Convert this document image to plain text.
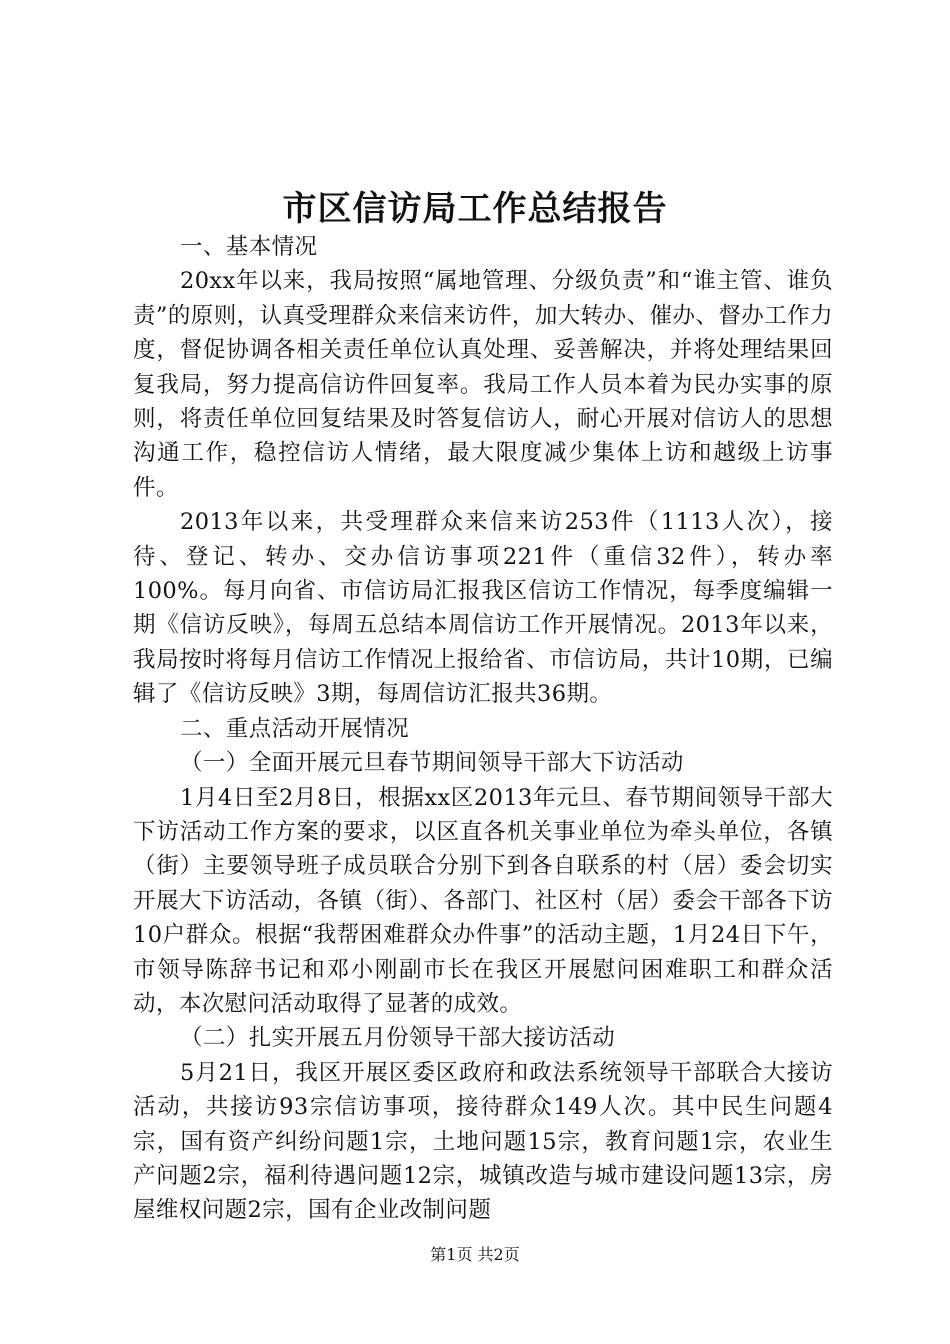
市区信访局工作总结报告

一、基本情况

20xx年以来，我局按照“属地管理、分级负责”和“谁主管、谁负责”的原则，认真受理群众来信来访件，加大转办、催办、督办工作力度，督促协调各相关责任单位认真处理、妥善解决，并将处理结果回复我局，努力提高信访件回复率。我局工作人员本着为民办实事的原则，将责任单位回复结果及时答复信访人，耐心开展对信访人的思想沟通工作，稳控信访人情绪，最大限度减少集体上访和越级上访事件。

2013年以来，共受理群众来信来访253件（1113人次），接待、登记、转办、交办信访事项221件（重信32件），转办率100%。每月向省、市信访局汇报我区信访工作情况，每季度编辑一期《信访反映》，每周五总结本周信访工作开展情况。2013年以来，我局按时将每月信访工作情况上报给省、市信访局，共计10期，已编辑了《信访反映》3期，每周信访汇报共36期。

二、重点活动开展情况

（一）全面开展元旦春节期间领导干部大下访活动

1月4日至2月8日，根据xx区2013年元旦、春节期间领导干部大下访活动工作方案的要求，以区直各机关事业单位为牵头单位，各镇（街）主要领导班子成员联合分别下到各自联系的村（居）委会切实开展大下访活动，各镇（街）、各部门、社区村（居）委会干部各下访10户群众。根据“我帮困难群众办件事”的活动主题，1月24日下午，市领导陈辞书记和邓小刚副市长在我区开展慰问困难职工和群众活动，本次慰问活动取得了显著的成效。

（二）扎实开展五月份领导干部大接访活动

5月21日，我区开展区委区政府和政法系统领导干部联合大接访活动，共接访93宗信访事项，接待群众149人次。其中民生问题4宗，国有资产纠纷问题1宗，土地问题15宗，教育问题1宗，农业生产问题2宗，福利待遇问题12宗，城镇改造与城市建设问题13宗，房屋维权问题2宗，国有企业改制问题

第1页 共2页
